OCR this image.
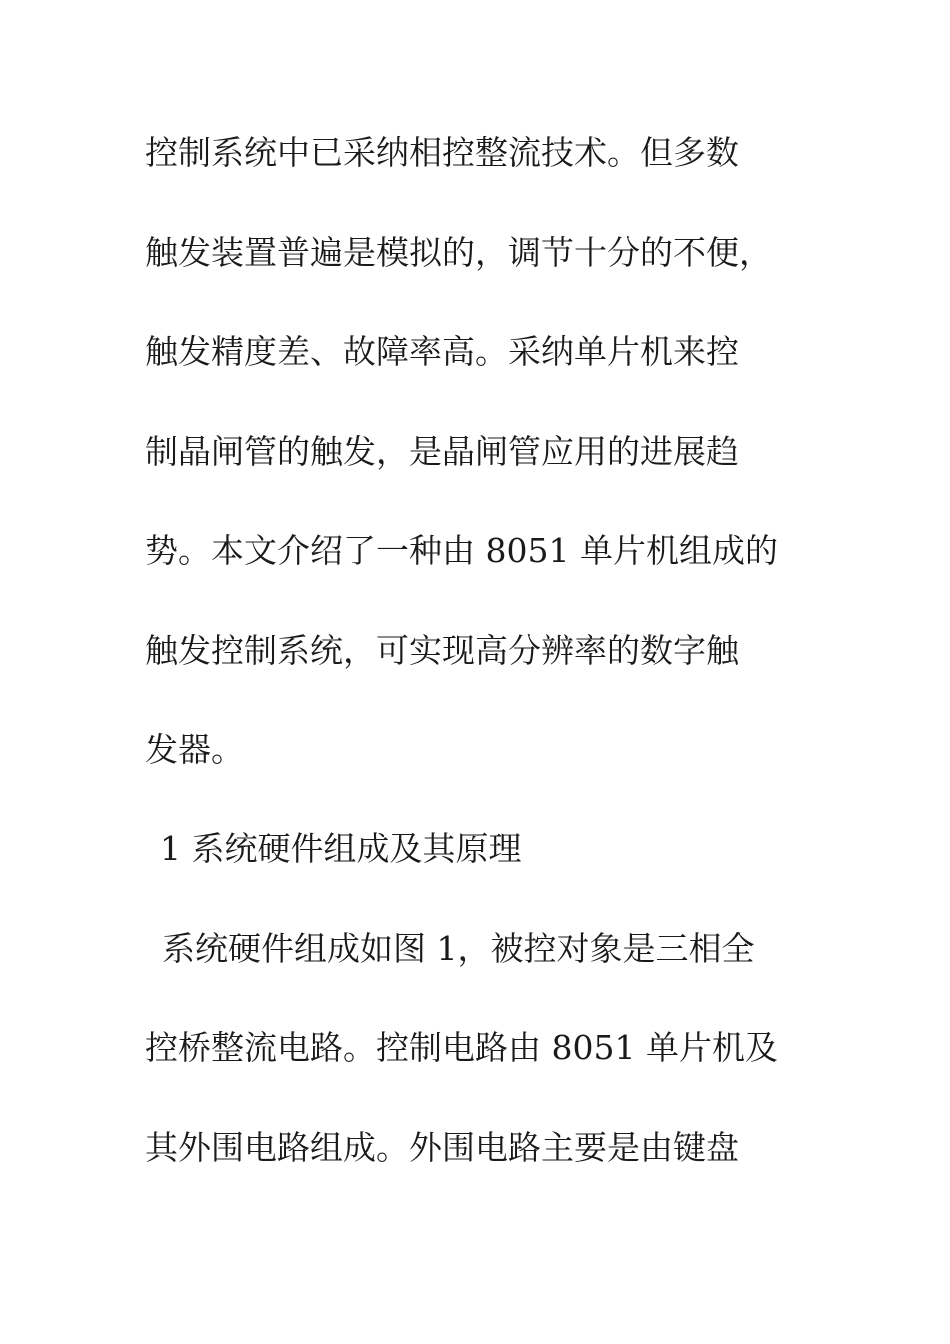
控制系统中已采纳相控整流技术。但多数

触发装置普遍是模拟的，调节十分的不便，

触发精度差、故障率高。采纳单片机来控

制晶闸管的触发，是晶闸管应用的进展趋

势。本文介绍了一种由 8051 单片机组成的

触发控制系统，可实现高分辨率的数字触

发器。

1 系统硬件组成及其原理

系统硬件组成如图 1，被控对象是三相全

控桥整流电路。控制电路由 8051 单片机及

其外围电路组成。外围电路主要是由键盘
